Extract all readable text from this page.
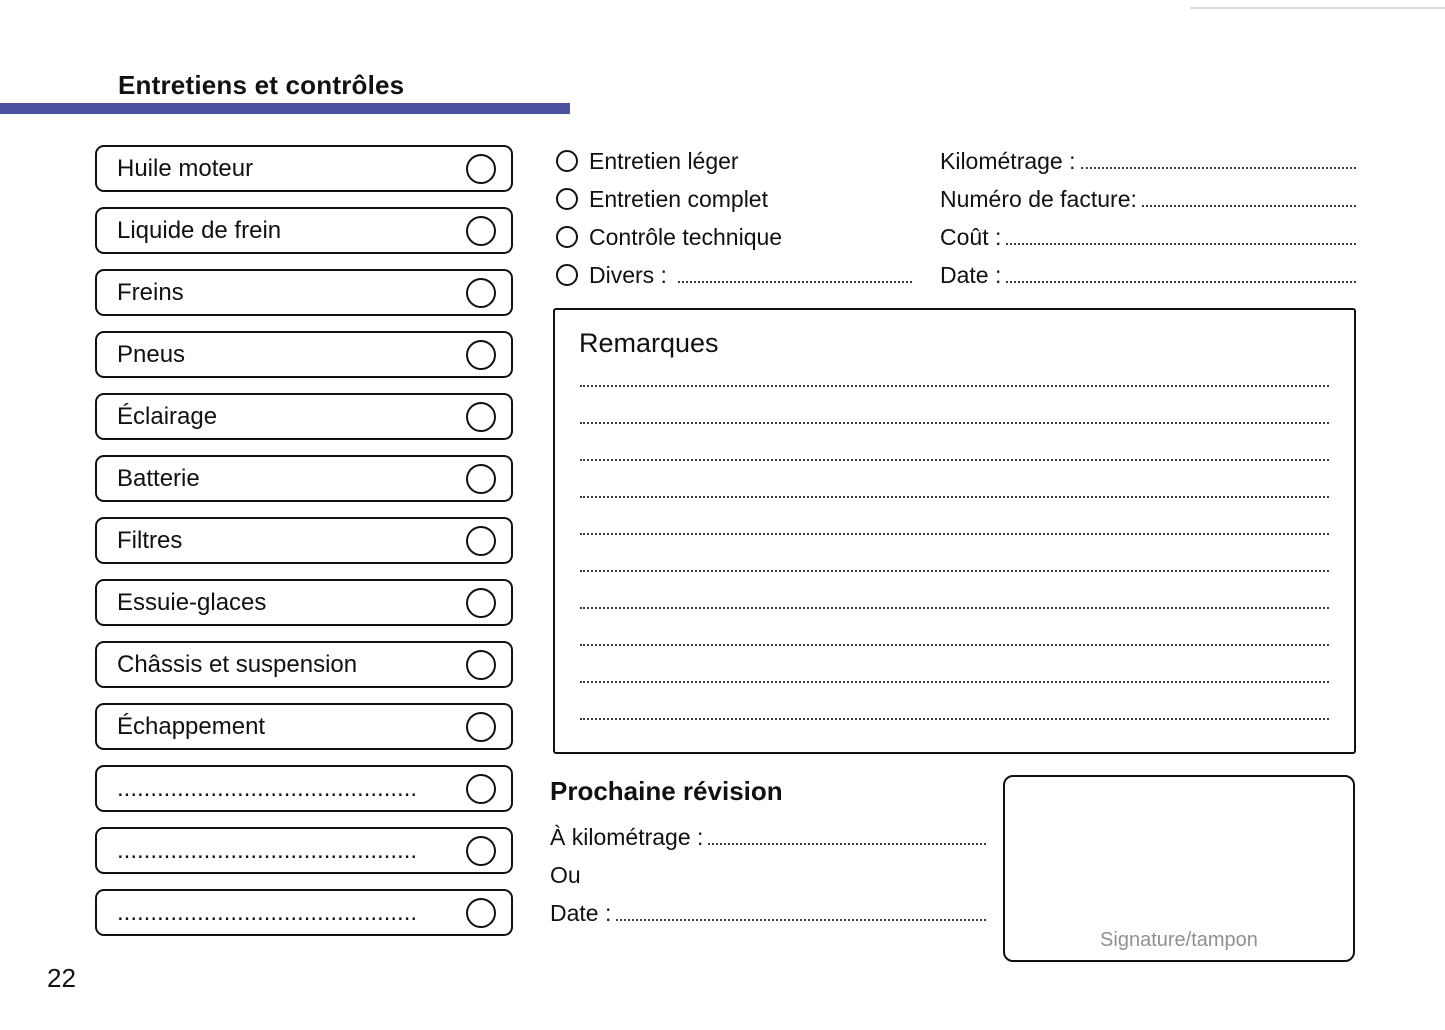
Entretiens et contrôles
Huile moteur
Liquide de frein
Freins
Pneus
Éclairage
Batterie
Filtres
Essuie-glaces
Châssis et suspension
Échappement
.............................................
.............................................
.............................................
Entretien léger
Entretien complet
Contrôle technique
Divers :
Kilométrage :
Numéro de facture:
Coût :
Date :
Remarques
Prochaine révision
À kilométrage :
Ou
Date :
Signature/tampon
22
